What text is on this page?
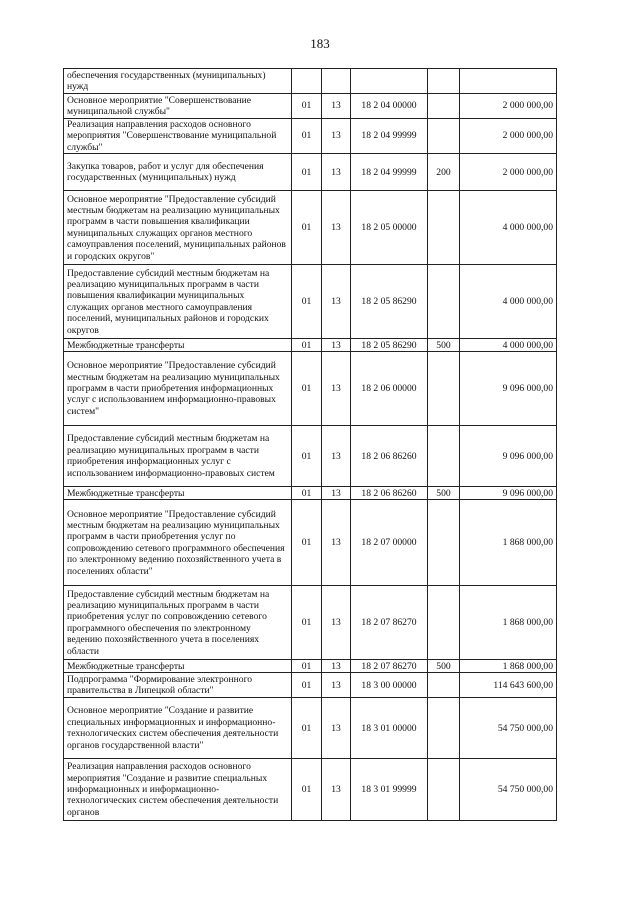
183
обеспечения государственных (муниципальных) нужд					
Основное мероприятие "Совершенствование муниципальной службы"	01	13	18 2 04 00000		2 000 000,00
Реализация направления расходов основного мероприятия "Совершенствование муниципальной службы"	01	13	18 2 04 99999		2 000 000,00
Закупка товаров, работ и услуг для обеспечения государственных (муниципальных) нужд	01	13	18 2 04 99999	200	2 000 000,00
Основное мероприятие "Предоставление субсидий местным бюджетам на реализацию муниципальных программ в части повышения квалификации муниципальных служащих органов местного самоуправления поселений, муниципальных районов и городских округов"	01	13	18 2 05 00000		4 000 000,00
Предоставление субсидий местным бюджетам на реализацию муниципальных программ в части повышения квалификации муниципальных служащих органов местного самоуправления поселений, муниципальных районов и городских округов	01	13	18 2 05 86290		4 000 000,00
Межбюджетные трансферты	01	13	18 2 05 86290	500	4 000 000,00
Основное мероприятие "Предоставление субсидий местным бюджетам на реализацию муниципальных программ в части приобретения информационных услуг с использованием информационно-правовых систем"	01	13	18 2 06 00000		9 096 000,00
Предоставление субсидий местным бюджетам на реализацию муниципальных программ в части приобретения информационных услуг с использованием информационно-правовых систем	01	13	18 2 06 86260		9 096 000,00
Межбюджетные трансферты	01	13	18 2 06 86260	500	9 096 000,00
Основное мероприятие "Предоставление субсидий местным бюджетам на реализацию муниципальных программ в части приобретения услуг по сопровождению сетевого программного обеспечения по электронному ведению похозяйственного учета в поселениях области"	01	13	18 2 07 00000		1 868 000,00
Предоставление субсидий местным бюджетам на реализацию муниципальных программ в части приобретения услуг по сопровождению сетевого программного обеспечения по электронному ведению похозяйственного учета в поселениях области	01	13	18 2 07 86270		1 868 000,00
Межбюджетные трансферты	01	13	18 2 07 86270	500	1 868 000,00
Подпрограмма "Формирование электронного правительства в Липецкой области"	01	13	18 3 00 00000		114 643 600,00
Основное мероприятие "Создание и развитие специальных информационных и информационно-технологических систем обеспечения деятельности органов государственной власти"	01	13	18 3 01 00000		54 750 000,00
Реализация направления расходов основного мероприятия "Создание и развитие специальных информационных и информационно-технологических систем обеспечения деятельности органов	01	13	18 3 01 99999		54 750 000,00
